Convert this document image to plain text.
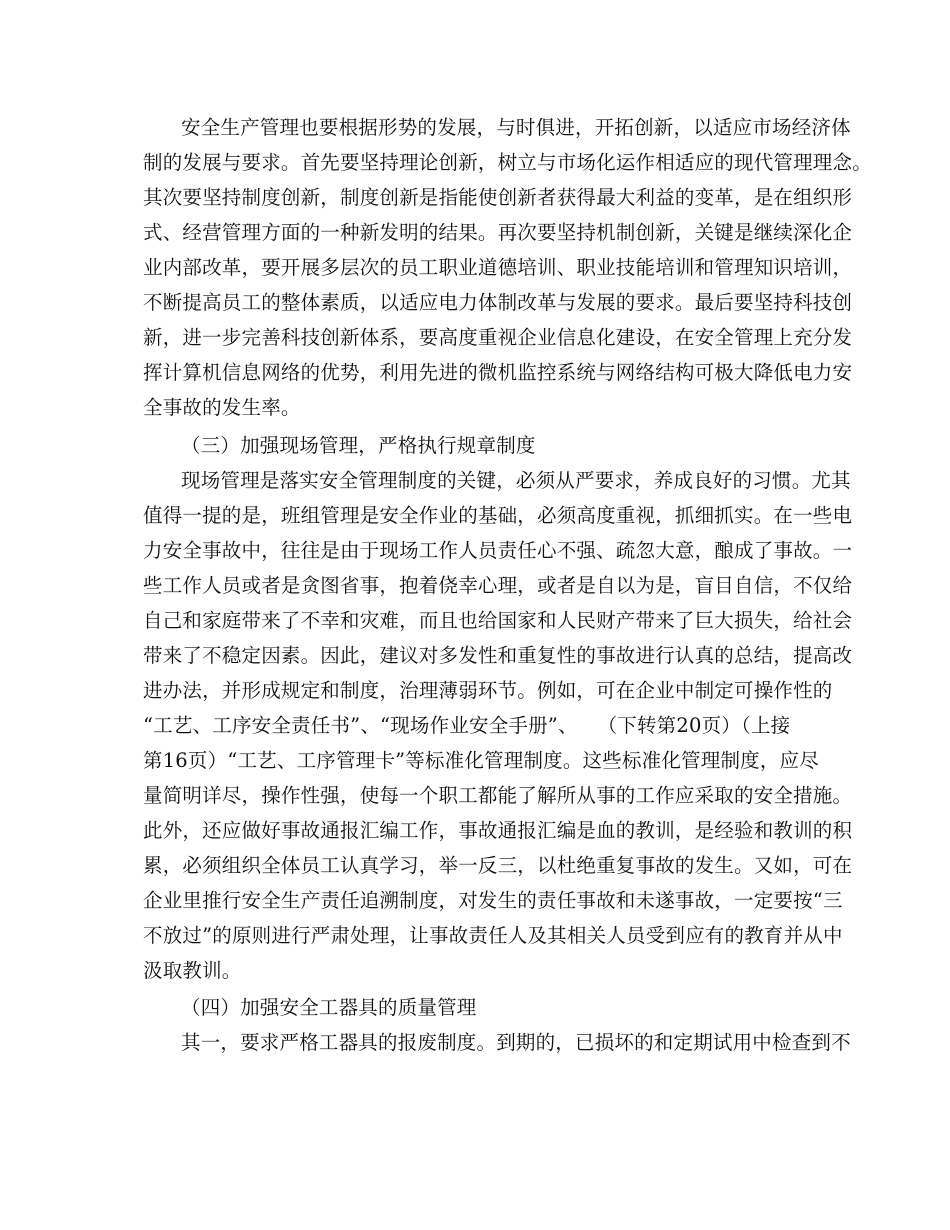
安全生产管理也要根据形势的发展，与时俱进，开拓创新，以适应市场经济体
制的发展与要求。首先要坚持理论创新，树立与市场化运作相适应的现代管理理念。
其次要坚持制度创新，制度创新是指能使创新者获得最大利益的变革，是在组织形
式、经营管理方面的一种新发明的结果。再次要坚持机制创新，关键是继续深化企
业内部改革，要开展多层次的员工职业道德培训、职业技能培训和管理知识培训，
不断提高员工的整体素质，以适应电力体制改革与发展的要求。最后要坚持科技创
新，进一步完善科技创新体系，要高度重视企业信息化建设，在安全管理上充分发
挥计算机信息网络的优势，利用先进的微机监控系统与网络结构可极大降低电力安
全事故的发生率。
（三）加强现场管理，严格执行规章制度
现场管理是落实安全管理制度的关键，必须从严要求，养成良好的习惯。尤其
值得一提的是，班组管理是安全作业的基础，必须高度重视，抓细抓实。在一些电
力安全事故中，往往是由于现场工作人员责任心不强、疏忽大意，酿成了事故。一
些工作人员或者是贪图省事，抱着侥幸心理，或者是自以为是，盲目自信，不仅给
自己和家庭带来了不幸和灾难，而且也给国家和人民财产带来了巨大损失，给社会
带来了不稳定因素。因此，建议对多发性和重复性的事故进行认真的总结，提高改
进办法，并形成规定和制度，治理薄弱环节。例如，可在企业中制定可操作性的
“工艺、工序安全责任书”、“现场作业安全手册”、　　（下转第20页）（上接
第16页）“工艺、工序管理卡”等标准化管理制度。这些标准化管理制度，应尽
量简明详尽，操作性强，使每一个职工都能了解所从事的工作应采取的安全措施。
此外，还应做好事故通报汇编工作，事故通报汇编是血的教训，是经验和教训的积
累，必须组织全体员工认真学习，举一反三，以杜绝重复事故的发生。又如，可在
企业里推行安全生产责任追溯制度，对发生的责任事故和未遂事故，一定要按“三
不放过”的原则进行严肃处理，让事故责任人及其相关人员受到应有的教育并从中
汲取教训。
（四）加强安全工器具的质量管理
其一，要求严格工器具的报废制度。到期的，已损坏的和定期试用中检查到不
